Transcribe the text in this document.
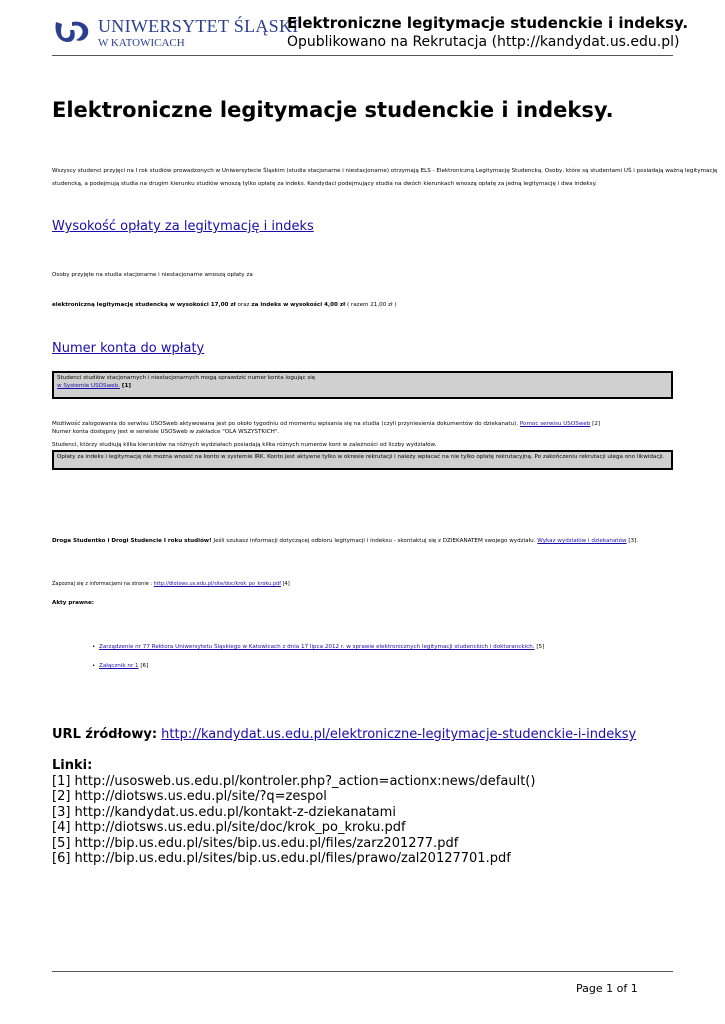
UNIWERSYTET ŚLĄSKI
W KATOWICACH
Elektroniczne legitymacje studenckie i indeksy.
Opublikowano na Rekrutacja (http://kandydat.us.edu.pl)
Elektroniczne legitymacje studenckie i indeksy.
Wszyscy studenci przyjęci na I rok studiów prowadzonych w Uniwersytecie Śląskim (studia stacjonarne i niestacjonarne) otrzymają ELS - Elektroniczną Legitymację Studencką. Osoby, które są studentami UŚ i posiadają ważną legitymację
studencką, a podejmują studia na drugim kierunku studiów wnoszą tylko opłatę za indeks. Kandydaci podejmujący studia na dwóch kierunkach wnoszą opłatę za jedną legitymację i dwa indeksy.
Wysokość opłaty za legitymację i indeks
Osoby przyjęte na studia stacjonarne i niestacjonarne wnoszą opłaty za
elektroniczną legitymację studencką w wysokości 17,00 zł oraz za indeks w wysokości 4,00 zł ( razem 21,00 zł )
Numer konta do wpłaty
Studenci studiów stacjonarnych i niestacjonarnych mogą sprawdzić numer konta logując się
w Systemie USOSweb. [1]
Możliwość zalogowania do serwisu USOSweb aktywowana jest po około tygodniu od momentu wpisania się na studia (czyli przyniesienia dokumentów do dziekanatu). Pomoc serwisu USOSweb [2]
Numer konta dostępny jest w serwisie USOSweb w zakładce "OLA WSZYSTKICH".
Studenci, którzy studiują kilka kierunków na różnych wydziałach posiadają kilka różnych numerów kont w zależności od liczby wydziałów.
Opłaty za indeks i legitymację nie można wnosić na konto w systemie IRK. Konto jest aktywne tylko w okresie rekrutacji i należy wpłacać na nie tylko opłatę rekrutacyjną. Po zakończeniu rekrutacji ulega ono likwidacji.
Droga Studentko i Drogi Studencie I roku studiów! Jeśli szukasz informacji dotyczącej odbioru legitymacji i indeksu - skontaktuj się z DZIEKANATEM swojego wydziału. Wykaz wydziałów i dziekanatów [3].
Zapoznaj się z informacjami na stronie : http://diotsws.us.edu.pl/site/doc/krok_po_kroku.pdf [4]
Akty prawne:
• Zarządzenie nr 77 Rektora Uniwersytetu Śląskiego w Katowicach z dnia 17 lipca 2012 r. w sprawie elektronicznych legitymacji studenckich i doktoranckich. [5]
• Załącznik nr 1 [6]
URL źródłowy: http://kandydat.us.edu.pl/elektroniczne-legitymacje-studenckie-i-indeksy
Linki:
[1] http://usosweb.us.edu.pl/kontroler.php?_action=actionx:news/default()
[2] http://diotsws.us.edu.pl/site/?q=zespol
[3] http://kandydat.us.edu.pl/kontakt-z-dziekanatami
[4] http://diotsws.us.edu.pl/site/doc/krok_po_kroku.pdf
[5] http://bip.us.edu.pl/sites/bip.us.edu.pl/files/zarz201277.pdf
[6] http://bip.us.edu.pl/sites/bip.us.edu.pl/files/prawo/zal20127701.pdf
Page 1 of 1
